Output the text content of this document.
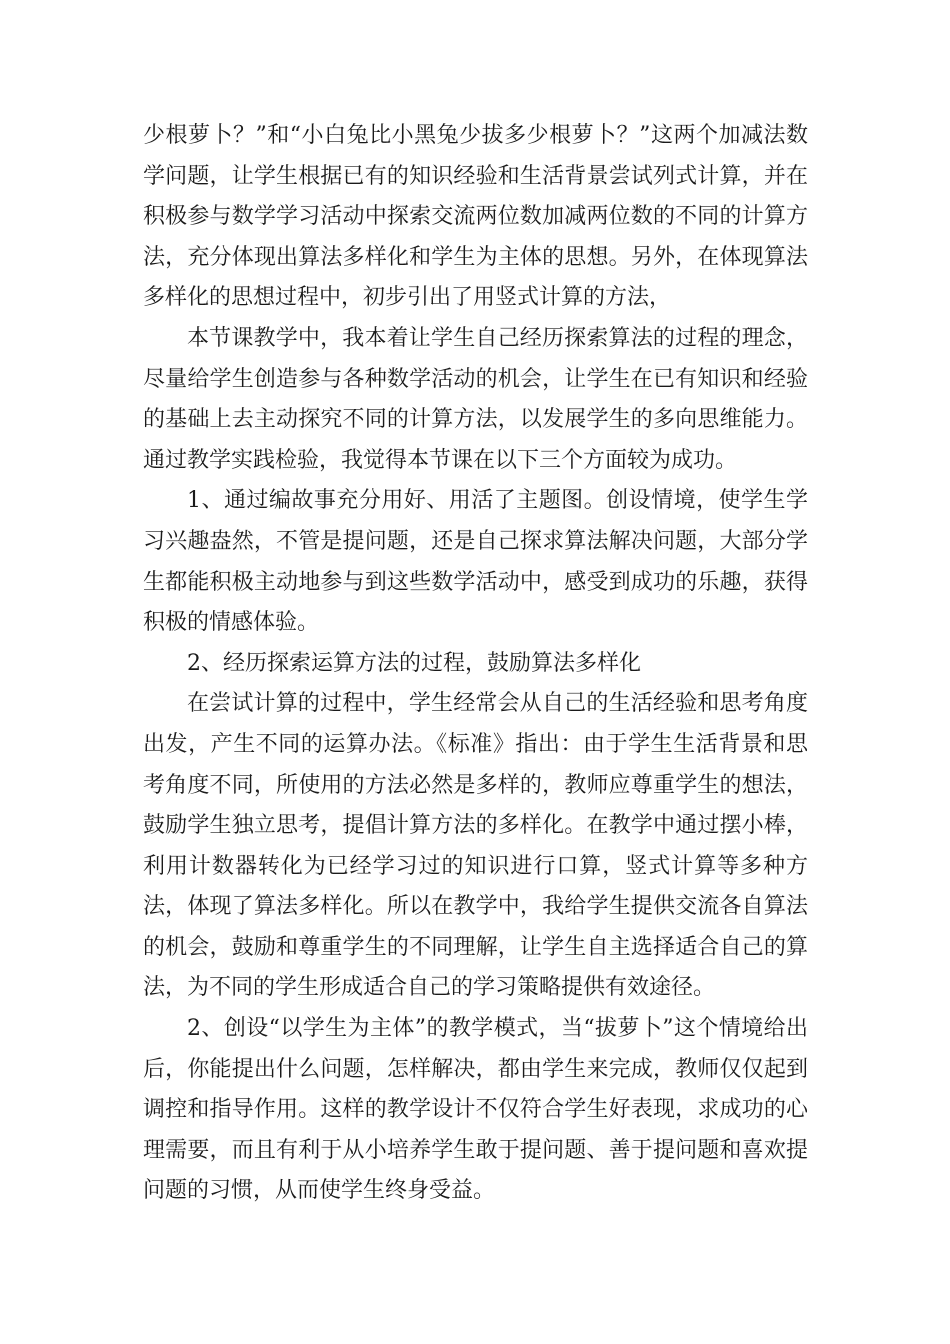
少根萝卜？”和“小白兔比小黑兔少拔多少根萝卜？”这两个加减法数学问题，让学生根据已有的知识经验和生活背景尝试列式计算，并在积极参与数学学习活动中探索交流两位数加减两位数的不同的计算方法，充分体现出算法多样化和学生为主体的思想。另外，在体现算法多样化的思想过程中，初步引出了用竖式计算的方法，

本节课教学中，我本着让学生自己经历探索算法的过程的理念，尽量给学生创造参与各种数学活动的机会，让学生在已有知识和经验的基础上去主动探究不同的计算方法，以发展学生的多向思维能力。通过教学实践检验，我觉得本节课在以下三个方面较为成功。

1、通过编故事充分用好、用活了主题图。创设情境，使学生学习兴趣盎然，不管是提问题，还是自己探求算法解决问题，大部分学生都能积极主动地参与到这些数学活动中，感受到成功的乐趣，获得积极的情感体验。

2、经历探索运算方法的过程，鼓励算法多样化

在尝试计算的过程中，学生经常会从自己的生活经验和思考角度出发，产生不同的运算办法。《标准》指出：由于学生生活背景和思考角度不同，所使用的方法必然是多样的，教师应尊重学生的想法，鼓励学生独立思考，提倡计算方法的多样化。在教学中通过摆小棒，利用计数器转化为已经学习过的知识进行口算，竖式计算等多种方法，体现了算法多样化。所以在教学中，我给学生提供交流各自算法的机会，鼓励和尊重学生的不同理解，让学生自主选择适合自己的算法，为不同的学生形成适合自己的学习策略提供有效途径。

2、创设“以学生为主体”的教学模式，当“拔萝卜”这个情境给出后，你能提出什么问题，怎样解决，都由学生来完成，教师仅仅起到调控和指导作用。这样的教学设计不仅符合学生好表现，求成功的心理需要，而且有利于从小培养学生敢于提问题、善于提问题和喜欢提问题的习惯，从而使学生终身受益。
